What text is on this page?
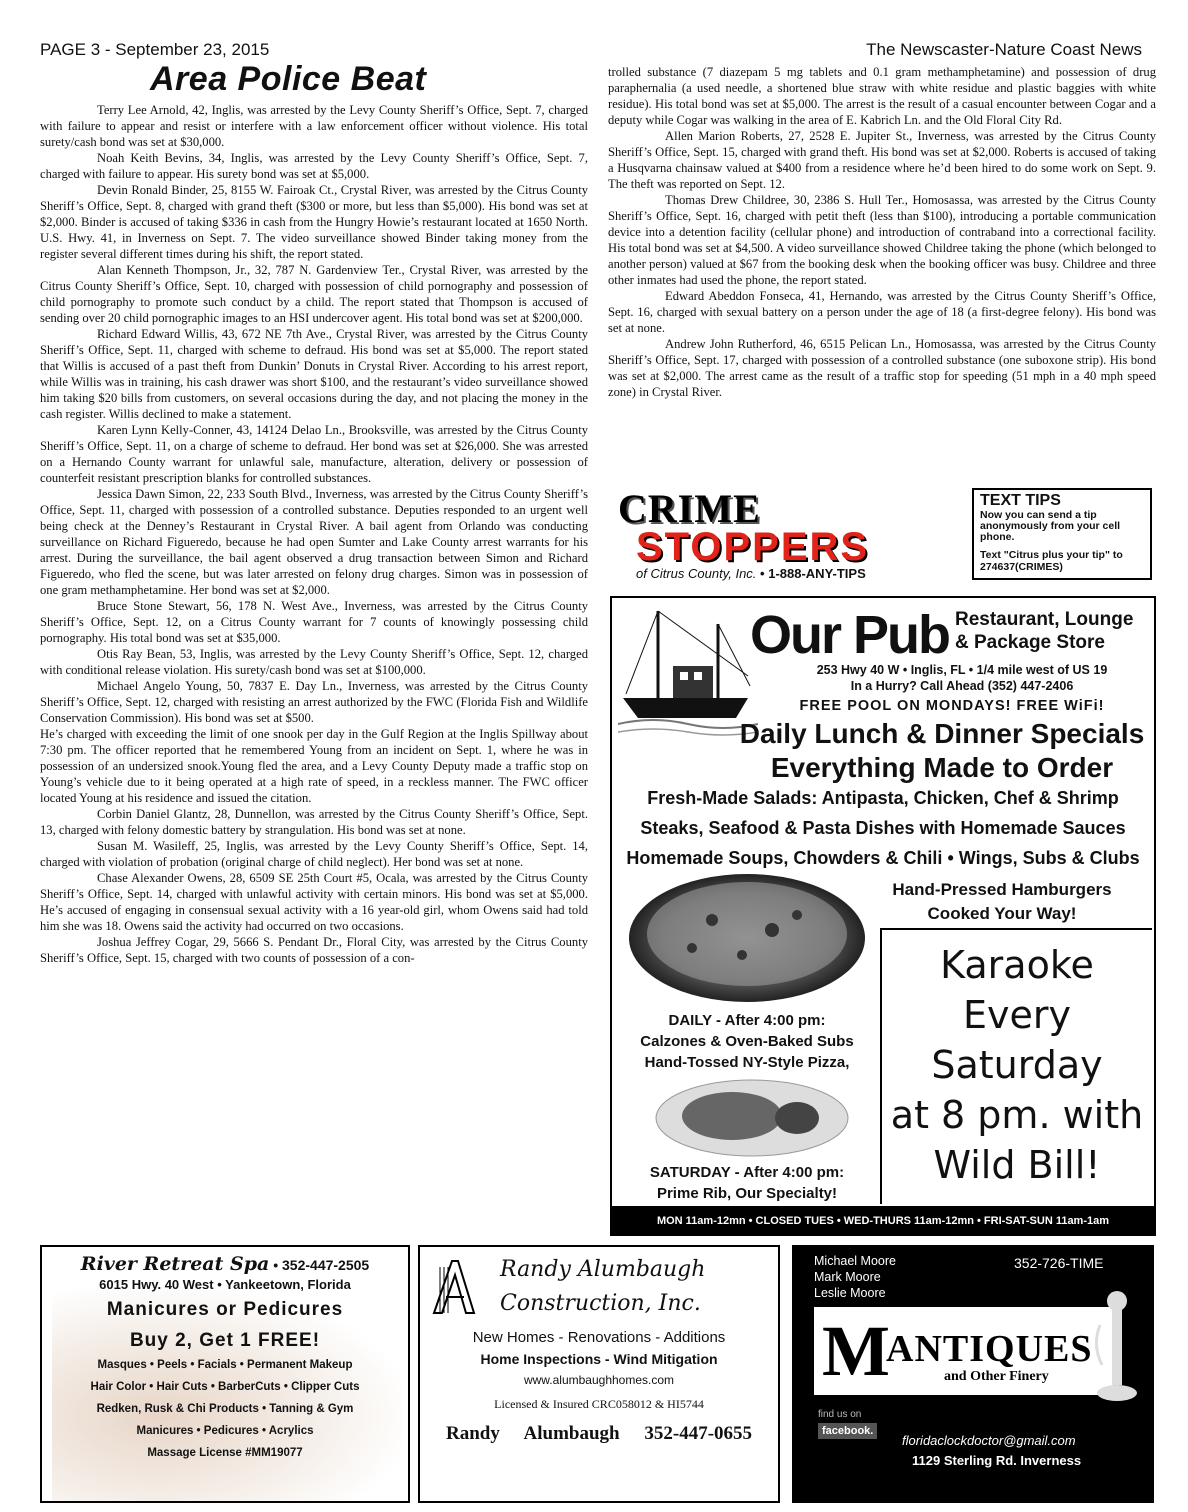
PAGE 3 - September 23, 2015	The Newscaster-Nature Coast News
Area Police Beat

Terry Lee Arnold, 42, Inglis, was arrested by the Levy County Sheriff’s Office, Sept. 7, charged with failure to appear and resist or interfere with a law enforcement officer without violence. His total surety/cash bond was set at $30,000.

Noah Keith Bevins, 34, Inglis, was arrested by the Levy County Sheriff’s Office, Sept. 7, charged with failure to appear. His surety bond was set at $5,000.

Devin Ronald Binder, 25, 8155 W. Fairoak Ct., Crystal River, was arrested by the Citrus County Sheriff’s Office, Sept. 8, charged with grand theft ($300 or more, but less than $5,000). His bond was set at $2,000. Binder is accused of taking $336 in cash from the Hungry Howie’s restaurant located at 1650 North. U.S. Hwy. 41, in Inverness on Sept. 7. The video surveillance showed Binder taking money from the register several different times during his shift, the report stated.

Alan Kenneth Thompson, Jr., 32, 787 N. Gardenview Ter., Crystal River, was arrested by the Citrus County Sheriff’s Office, Sept. 10, charged with possession of child pornography and possession of child pornography to promote such conduct by a child. The report stated that Thompson is accused of sending over 20 child pornographic images to an HSI undercover agent. His total bond was set at $200,000.

Richard Edward Willis, 43, 672 NE 7th Ave., Crystal River, was arrested by the Citrus County Sheriff’s Office, Sept. 11, charged with scheme to defraud. His bond was set at $5,000. The report stated that Willis is accused of a past theft from Dunkin’ Donuts in Crystal River. According to his arrest report, while Willis was in training, his cash drawer was short $100, and the restaurant’s video surveillance showed him taking $20 bills from customers, on several occasions during the day, and not placing the money in the cash register. Willis declined to make a statement.

Karen Lynn Kelly-Conner, 43, 14124 Delao Ln., Brooksville, was arrested by the Citrus County Sheriff’s Office, Sept. 11, on a charge of scheme to defraud. Her bond was set at $26,000. She was arrested on a Hernando County warrant for unlawful sale, manufacture, alteration, delivery or possession of counterfeit resistant prescription blanks for controlled substances.

Jessica Dawn Simon, 22, 233 South Blvd., Inverness, was arrested by the Citrus County Sheriff’s Office, Sept. 11, charged with possession of a controlled substance. Deputies responded to an urgent well being check at the Denney’s Restaurant in Crystal River. A bail agent from Orlando was conducting surveillance on Richard Figueredo, because he had open Sumter and Lake County arrest warrants for his arrest. During the surveillance, the bail agent observed a drug transaction between Simon and Richard Figueredo, who fled the scene, but was later arrested on felony drug charges. Simon was in possession of one gram methamphetamine. Her bond was set at $2,000.

Bruce Stone Stewart, 56, 178 N. West Ave., Inverness, was arrested by the Citrus County Sheriff’s Office, Sept. 12, on a Citrus County warrant for 7 counts of knowingly possessing child pornography. His total bond was set at $35,000.

Otis Ray Bean, 53, Inglis, was arrested by the Levy County Sheriff’s Office, Sept. 12, charged with conditional release violation. His surety/cash bond was set at $100,000.

Michael Angelo Young, 50, 7837 E. Day Ln., Inverness, was arrested by the Citrus County Sheriff’s Office, Sept. 12, charged with resisting an arrest authorized by the FWC (Florida Fish and Wildlife Conservation Commission). His bond was set at $500.

He’s charged with exceeding the limit of one snook per day in the Gulf Region at the Inglis Spillway about 7:30 pm. The officer reported that he remembered Young from an incident on Sept. 1, where he was in possession of an undersized snook.Young fled the area, and a Levy County Deputy made a traffic stop on Young’s vehicle due to it being operated at a high rate of speed, in a reckless manner. The FWC officer located Young at his residence and issued the citation.

Corbin Daniel Glantz, 28, Dunnellon, was arrested by the Citrus County Sheriff’s Office, Sept. 13, charged with felony domestic battery by strangulation. His bond was set at none.

Susan M. Wasileff, 25, Inglis, was arrested by the Levy County Sheriff’s Office, Sept. 14, charged with violation of probation (original charge of child neglect). Her bond was set at none.

Chase Alexander Owens, 28, 6509 SE 25th Court #5, Ocala, was arrested by the Citrus County Sheriff’s Office, Sept. 14, charged with unlawful activity with certain minors. His bond was set at $5,000. He’s accused of engaging in consensual sexual activity with a 16 year-old girl, whom Owens said had told him she was 18. Owens said the activity had occurred on two occasions.

Joshua Jeffrey Cogar, 29, 5666 S. Pendant Dr., Floral City, was arrested by the Citrus County Sheriff’s Office, Sept. 15, charged with two counts of possession of a con-

trolled substance (7 diazepam 5 mg tablets and 0.1 gram methamphetamine) and possession of drug paraphernalia (a used needle, a shortened blue straw with white residue and plastic baggies with white residue). His total bond was set at $5,000. The arrest is the result of a casual encounter between Cogar and a deputy while Cogar was walking in the area of E. Kabrich Ln. and the Old Floral City Rd.

Allen Marion Roberts, 27, 2528 E. Jupiter St., Inverness, was arrested by the Citrus County Sheriff’s Office, Sept. 15, charged with grand theft. His bond was set at $2,000. Roberts is accused of taking a Husqvarna chainsaw valued at $400 from a residence where he’d been hired to do some work on Sept. 9. The theft was reported on Sept. 12.

Thomas Drew Childree, 30, 2386 S. Hull Ter., Homosassa, was arrested by the Citrus County Sheriff’s Office, Sept. 16, charged with petit theft (less than $100), introducing a portable communication device into a detention facility (cellular phone) and introduction of contraband into a correctional facility. His total bond was set at $4,500. A video surveillance showed Childree taking the phone (which belonged to another person) valued at $67 from the booking desk when the booking officer was busy. Childree and three other inmates had used the phone, the report stated.

Edward Abeddon Fonseca, 41, Hernando, was arrested by the Citrus County Sheriff’s Office, Sept. 16, charged with sexual battery on a person under the age of 18 (a first-degree felony). His bond was set at none.

Andrew John Rutherford, 46, 6515 Pelican Ln., Homosassa, was arrested by the Citrus County Sheriff’s Office, Sept. 17, charged with possession of a controlled substance (one suboxone strip). His bond was set at $2,000. The arrest came as the result of a traffic stop for speeding (51 mph in a 40 mph speed zone) in Crystal River.

CRIME
STOPPERS
of Citrus County, Inc. • 1-888-ANY-TIPS
TEXT TIPS
Now you can send a tip anonymously from your cell phone.
Text "Citrus plus your tip" to 274637(CRIMES)
Our Pub Restaurant, Lounge
& Package Store
253 Hwy 40 W • Inglis, FL • 1/4 mile west of US 19
In a Hurry? Call Ahead (352) 447-2406
FREE POOL ON MONDAYS! FREE WiFi!
Daily Lunch & Dinner Specials
Everything Made to Order
Fresh-Made Salads: Antipasta, Chicken, Chef & Shrimp
Steaks, Seafood & Pasta Dishes with Homemade Sauces
Homemade Soups, Chowders & Chili • Wings, Subs & Clubs
Hand-Pressed Hamburgers
Cooked Your Way!
DAILY - After 4:00 pm:
Calzones & Oven-Baked Subs
Hand-Tossed NY-Style Pizza,
SATURDAY - After 4:00 pm:
Prime Rib, Our Specialty!
Karaoke
Every
Saturday
at 8 pm. with
Wild Bill!
MON 11am-12mn • CLOSED TUES • WED-THURS 11am-12mn • FRI-SAT-SUN 11am-1am
River Retreat Spa • 352-447-2505
6015 Hwy. 40 West • Yankeetown, Florida
Manicures or Pedicures
Buy 2, Get 1 FREE!
Masques • Peels • Facials • Permanent Makeup
Hair Color • Hair Cuts • BarberCuts • Clipper Cuts
Redken, Rusk & Chi Products • Tanning & Gym
Manicures • Pedicures • Acrylics
Massage License #MM19077
Randy Alumbaugh
Construction, Inc.
New Homes - Renovations - Additions
Home Inspections - Wind Mitigation
www.alumbaughhomes.com
Licensed & Insured CRC058012 & HI5744
Randy Alumbaugh 352-447-0655
Michael Moore
Mark Moore
Leslie Moore
352-726-TIME
M
ANTIQUES
and Other Finery
find us on
facebook.
floridaclockdoctor@gmail.com
1129 Sterling Rd. Inverness
